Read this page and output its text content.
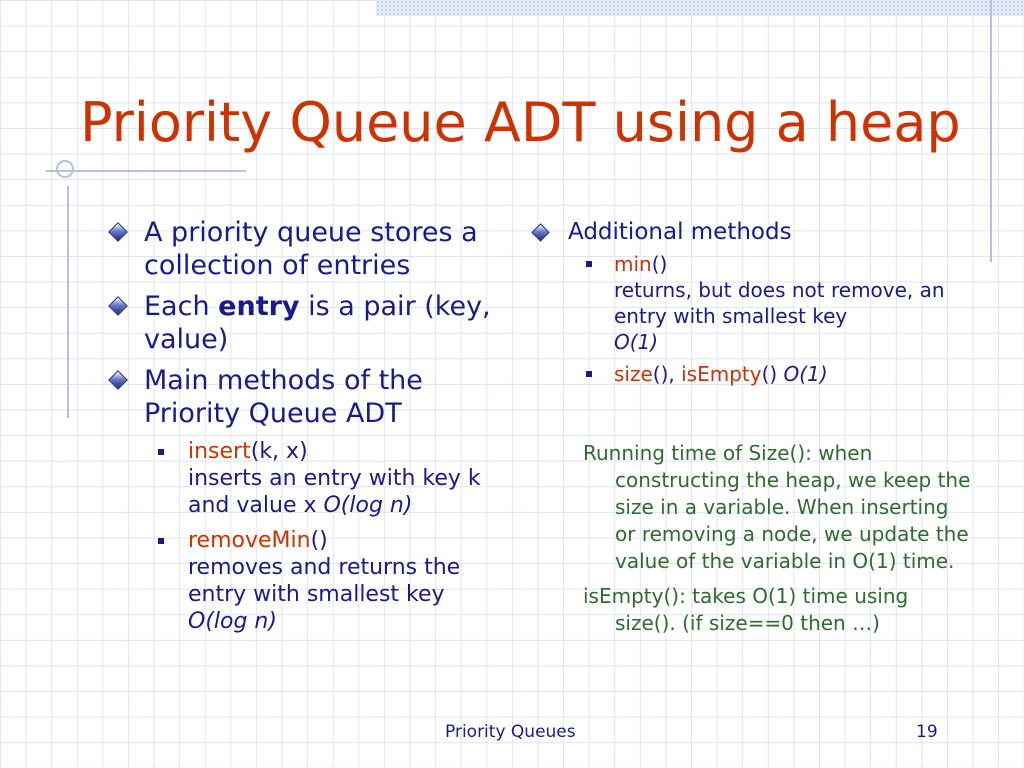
Priority Queue ADT using a heap
A priority queue stores a collection of entries
Each entry is a pair (key, value)
Main methods of the Priority Queue ADT
insert(k, x)
inserts an entry with key k and value x O(log n)
removeMin()
removes and returns the entry with smallest key
O(log n)
Additional methods
min()
returns, but does not remove, an entry with smallest key
O(1)
size(), isEmpty() O(1)

Running time of Size(): when constructing the heap, we keep the size in a variable. When inserting or removing a node, we update the value of the variable in O(1) time.

isEmpty(): takes O(1) time using size(). (if size==0 then …)

Priority Queues	19
